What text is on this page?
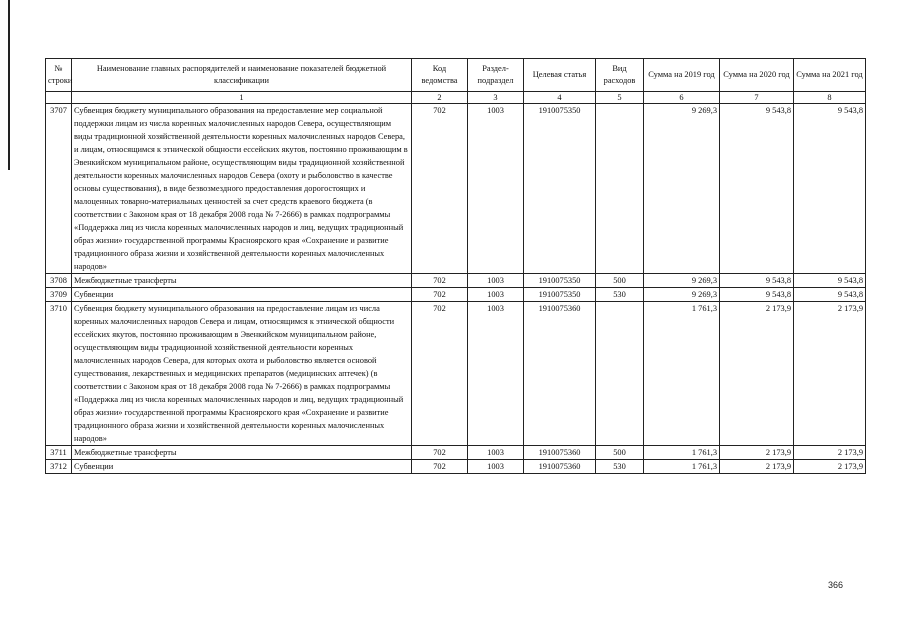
№ строки	Наименование главных распорядителей и наименование показателей бюджетной классификации	Код ведомства	Раздел-подраздел	Целевая статья	Вид расходов	Сумма на 2019 год	Сумма на 2020 год	Сумма на 2021 год
	1	2	3	4	5	6	7	8
3707	Субвенция бюджету муниципального образования на предоставление мер социальной поддержки лицам из числа коренных малочисленных народов Севера, осуществляющим виды традиционной хозяйственной деятельности коренных малочисленных народов Севера, и лицам, относящимся к этнической общности ессейских якутов, постоянно проживающим в Эвенкийском муниципальном районе, осуществляющим виды традиционной хозяйственной деятельности коренных малочисленных народов Севера (охоту и рыболовство в качестве основы существования), в виде безвозмездного предоставления дорогостоящих и малоценных товарно-материальных ценностей за счет средств краевого бюджета (в соответствии с Законом края от 18 декабря 2008 года № 7-2666) в рамках подпрограммы «Поддержка лиц из числа коренных малочисленных народов и лиц, ведущих традиционный образ жизни» государственной программы Красноярского края «Сохранение и развитие традиционного образа жизни и хозяйственной деятельности коренных малочисленных народов»	702	1003	1910075350		9 269,3	9 543,8	9 543,8
3708	Межбюджетные трансферты	702	1003	1910075350	500	9 269,3	9 543,8	9 543,8
3709	Субвенции	702	1003	1910075350	530	9 269,3	9 543,8	9 543,8
3710	Субвенция бюджету муниципального образования на предоставление лицам из числа коренных малочисленных народов Севера и лицам, относящимся к этнической общности ессейских якутов, постоянно проживающим в Эвенкийском муниципальном районе, осуществляющим виды традиционной хозяйственной деятельности коренных малочисленных народов Севера, для которых охота и рыболовство является основой существования, лекарственных и медицинских препаратов (медицинских аптечек) (в соответствии с Законом края от 18 декабря 2008 года № 7-2666) в рамках подпрограммы «Поддержка лиц из числа коренных малочисленных народов и лиц, ведущих традиционный образ жизни» государственной программы Красноярского края «Сохранение и развитие традиционного образа жизни и хозяйственной деятельности коренных малочисленных народов»	702	1003	1910075360		1 761,3	2 173,9	2 173,9
3711	Межбюджетные трансферты	702	1003	1910075360	500	1 761,3	2 173,9	2 173,9
3712	Субвенции	702	1003	1910075360	530	1 761,3	2 173,9	2 173,9
366
